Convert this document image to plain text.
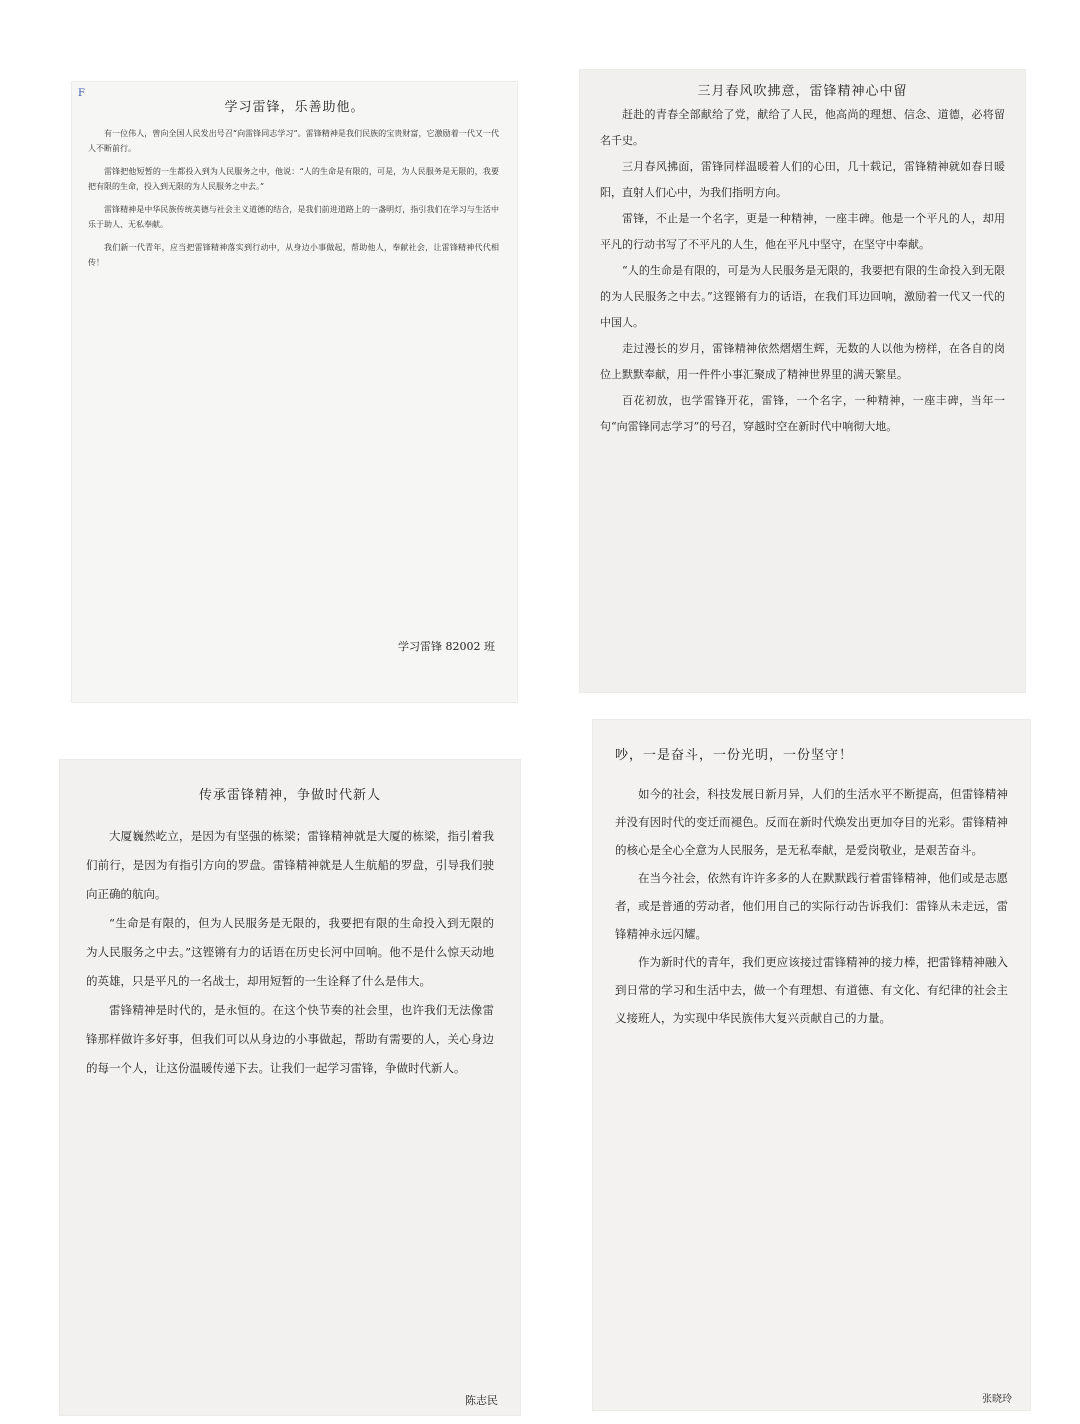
F

学习雷锋，乐善助他。

有一位伟人，曾向全国人民发出号召“向雷锋同志学习”。雷锋精神是我们民族的宝贵财富，它激励着一代又一代人不断前行。

雷锋把他短暂的一生都投入到为人民服务之中，他说：“人的生命是有限的，可是，为人民服务是无限的，我要把有限的生命，投入到无限的为人民服务之中去。”

雷锋精神是中华民族传统美德与社会主义道德的结合，是我们前进道路上的一盏明灯，指引我们在学习与生活中乐于助人、无私奉献。

我们新一代青年，应当把雷锋精神落实到行动中，从身边小事做起，帮助他人，奉献社会，让雷锋精神代代相传！

学习雷锋 82002 班

三月春风吹拂意，雷锋精神心中留

赶赴的青春全部献给了党，献给了人民，他高尚的理想、信念、道德，必将留名千史。

三月春风拂面，雷锋同样温暖着人们的心田，几十载记，雷锋精神就如春日暖阳，直射人们心中，为我们指明方向。

雷锋，不止是一个名字，更是一种精神，一座丰碑。他是一个平凡的人，却用平凡的行动书写了不平凡的人生，他在平凡中坚守，在坚守中奉献。

“人的生命是有限的，可是为人民服务是无限的，我要把有限的生命投入到无限的为人民服务之中去。”这铿锵有力的话语，在我们耳边回响，激励着一代又一代的中国人。

走过漫长的岁月，雷锋精神依然熠熠生辉，无数的人以他为榜样，在各自的岗位上默默奉献，用一件件小事汇聚成了精神世界里的满天繁星。

百花初放，也学雷锋开花，雷锋，一个名字，一种精神，一座丰碑，当年一句“向雷锋同志学习”的号召，穿越时空在新时代中响彻大地。

传承雷锋精神，争做时代新人

大厦巍然屹立，是因为有坚强的栋梁；雷锋精神就是大厦的栋梁，指引着我们前行，是因为有指引方向的罗盘。雷锋精神就是人生航船的罗盘，引导我们驶向正确的航向。

“生命是有限的，但为人民服务是无限的，我要把有限的生命投入到无限的为人民服务之中去。”这铿锵有力的话语在历史长河中回响。他不是什么惊天动地的英雄，只是平凡的一名战士，却用短暂的一生诠释了什么是伟大。

雷锋精神是时代的，是永恒的。在这个快节奏的社会里，也许我们无法像雷锋那样做许多好事，但我们可以从身边的小事做起，帮助有需要的人，关心身边的每一个人，让这份温暖传递下去。让我们一起学习雷锋，争做时代新人。

陈志民

吵，一是奋斗，一份光明，一份坚守！

如今的社会，科技发展日新月异，人们的生活水平不断提高，但雷锋精神并没有因时代的变迁而褪色。反而在新时代焕发出更加夺目的光彩。雷锋精神的核心是全心全意为人民服务，是无私奉献，是爱岗敬业，是艰苦奋斗。

在当今社会，依然有许许多多的人在默默践行着雷锋精神，他们或是志愿者，或是普通的劳动者，他们用自己的实际行动告诉我们：雷锋从未走远，雷锋精神永远闪耀。

作为新时代的青年，我们更应该接过雷锋精神的接力棒，把雷锋精神融入到日常的学习和生活中去，做一个有理想、有道德、有文化、有纪律的社会主义接班人，为实现中华民族伟大复兴贡献自己的力量。

张晓玲
